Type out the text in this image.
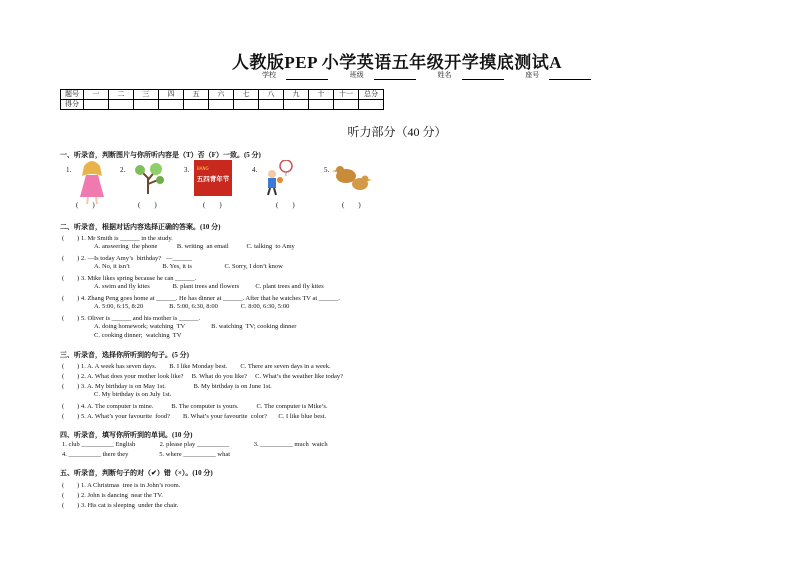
人教版PEP 小学英语五年级开学摸底测试A
学校	班级	姓名	座号
题号	一	二	三	四	五	六	七	八	九	十	十一	总分
得分												
听力部分（40 分）
一、听录音，判断图片与你所听内容是（T）否（F）一致。(5 分)
1.	2.
(　　)
3. BANG
五四青年节
(　　)
4.
(　　)
5.
(　　)
(　　)
二、听录音，根据对话内容选择正确的答案。(10 分)
(　　) 1. Mr Smith is ______ in the study.
A. answering  the phone            B. writing  an email           C. talking  to Amy
(　　) 2. —Is today Amy’s  birthday?   —______
A. No, it isn’t                    B. Yes, it is                    C. Sorry, I don’t know
(　　) 3. Mike likes spring because he can ______.
A. swim and fly kites              B. plant trees and flowers          C. plant trees and fly kites
(　　) 4. Zhang Peng goes home at ______. He has dinner at ______. After that he watches TV at ______.
A. 5:00, 6:15, 8:20                B. 5:00, 6:30, 8:00              C. 8:00, 6:30, 5:00
(　　) 5. Oliver is ______ and his mother is ______.
A. doing homework; watching  TV                B. watching  TV; cooking dinner
C. cooking dinner;  watching  TV
三、听录音，选择你所听到的句子。(5 分)
(　　) 1. A. A week has seven days.        B. I like Monday best.        C. There are seven days in a week.
(　　) 2. A. What does your mother look like?     B. What do you like?     C. What’s the weather like today?
(　　) 3. A. My birthday is on May 1st.                 B. My birthday is on June 1st.
C. My birthday is on July 1st.
(　　) 4. A. The computer is mine.           B. The computer is yours.           C. The computer is Mike’s.
(　　) 5. A. What’s your favourite  food?        B. What’s your favourite  color?       C. I like blue best.
四、听录音，填写你所听到的单词。(10 分)
1. club __________ English               2. please play __________               3. __________ much  watch
4. __________ there they                   5. where __________ what
五、听录音，判断句子的对（✔）错（×）。(10 分)
(　　) 1. A Christmas  tree is in John’s room.
(　　) 2. John is dancing  near the TV.
(　　) 3. His cat is sleeping  under the chair.
